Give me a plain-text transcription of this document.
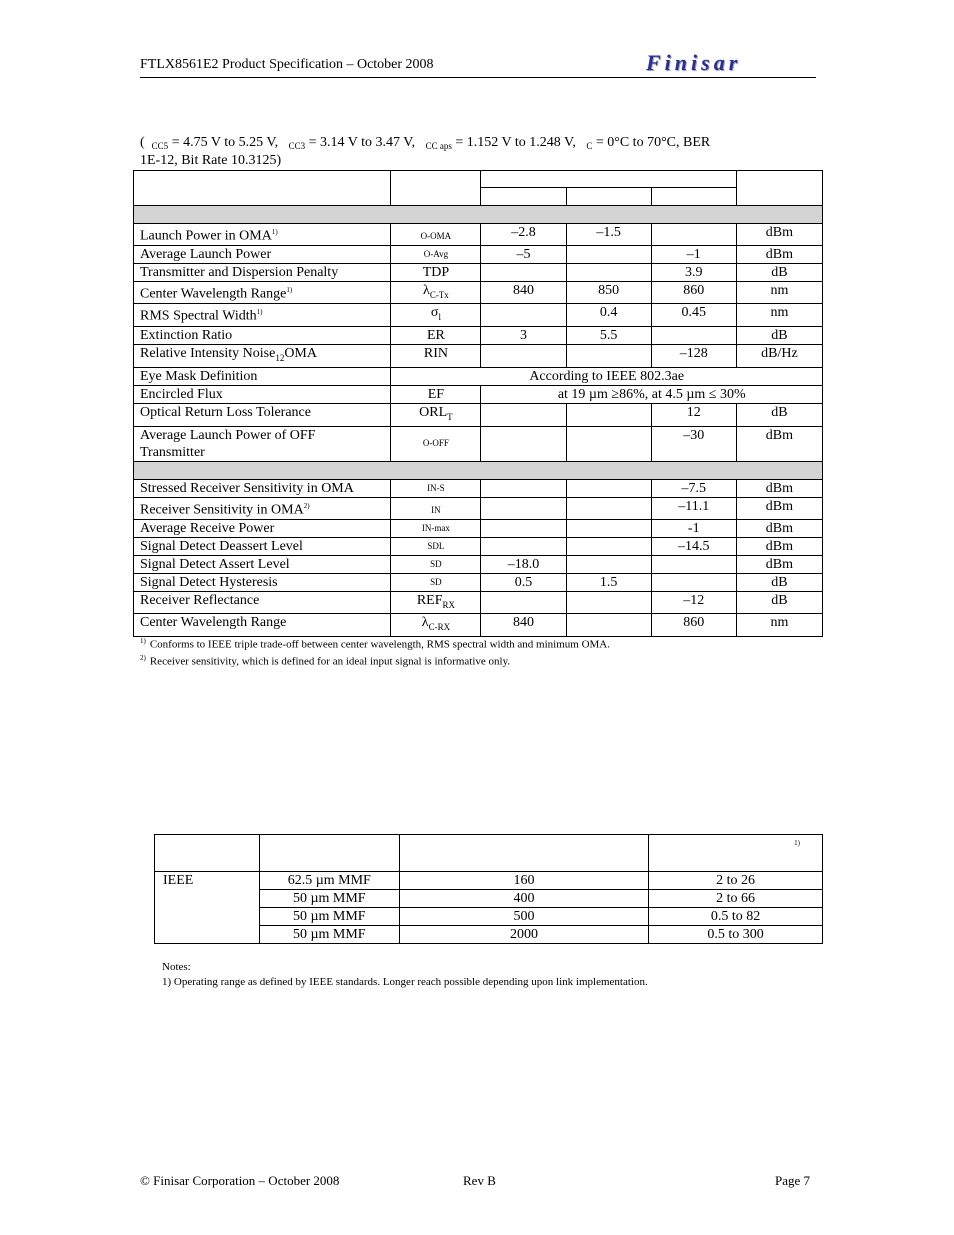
FTLX8561E2 Product Specification – October 2008	Finisar
( $_{CC5}$ = 4.75 V to 5.25 V, $_{CC3}$ = 3.14 V to 3.47 V, $_{CC aps}$ = 1.152 V to 1.248 V, $_C$ = 0°C to 70°C, BER
1E-12, Bit Rate 10.3125)

Launch Power in OMA$^{1)}$	O-OMA	–2.8	–1.5		dBm
Average Launch Power	O-Avg	–5		–1	dBm
Transmitter and Dispersion Penalty	TDP			3.9	dB
Center Wavelength Range$^{1)}$	$\lambda_{C-Tx}$	840	850	860	nm
RMS Spectral Width$^{1)}$	$\sigma_l$		0.4	0.45	nm
Extinction Ratio	ER	3	5.5		dB
Relative Intensity Noise$_{12}$OMA	RIN			–128	dB/Hz
Eye Mask Definition	According to IEEE 802.3ae				
Encircled Flux	EF	at 19 µm ≥86%, at 4.5 µm ≤ 30%			
Optical Return Loss Tolerance	$ORL_T$			12	dB
Average Launch Power of OFF
Transmitter	O-OFF			–30	dBm

Stressed Receiver Sensitivity in OMA	IN-S			–7.5	dBm
Receiver Sensitivity in OMA$^{2)}$	IN			–11.1	dBm
Average Receive Power	IN-max			-1	dBm
Signal Detect Deassert Level	SDL			–14.5	dBm
Signal Detect Assert Level	SD	–18.0			dBm
Signal Detect Hysteresis	SD	0.5	1.5		dB
Receiver Reflectance	$REF_{RX}$			–12	dB
Center Wavelength Range	$\lambda_{C-RX}$	840		860	nm
$^{1)}$ Conforms to IEEE triple trade-off between center wavelength, RMS spectral width and minimum OMA.
$^{2)}$ Receiver sensitivity, which is defined for an ideal input signal is informative only.
			1)
IEEE	62.5 µm MMF	160	2 to 26
	50 µm MMF	400	2 to 66
	50 µm MMF	500	0.5 to 82
	50 µm MMF	2000	0.5 to 300
Notes:
1) Operating range as defined by IEEE standards. Longer reach possible depending upon link implementation.
© Finisar Corporation – October 2008	Rev B	Page 7
